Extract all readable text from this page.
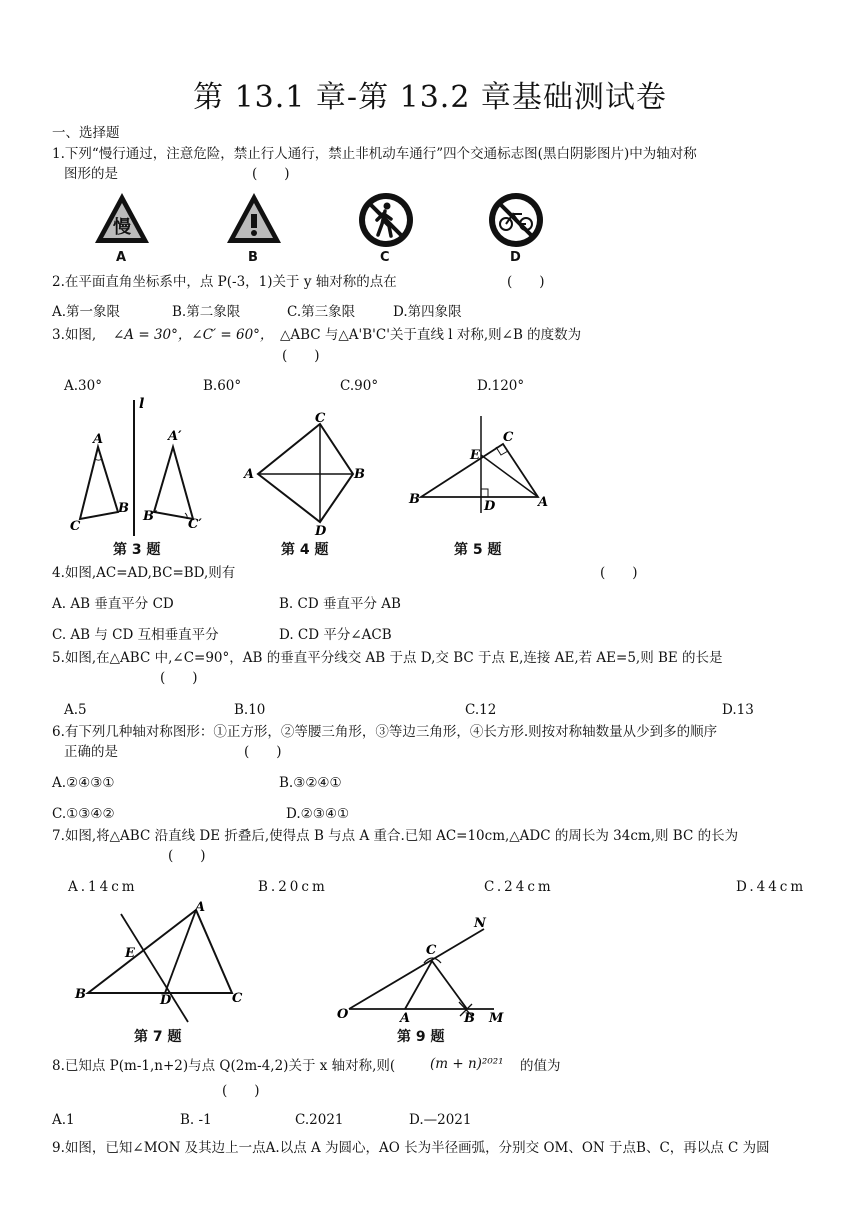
第 13.1 章-第 13.2 章基础测试卷
一、选择题
1.下列“慢行通过，注意危险，禁止行人通行，禁止非机动车通行”四个交通标志图(黑白阴影图片)中为轴对称
图形的是	(　　)
慢
A	B	C	D
2.在平面直角坐标系中，点 P(-3，1)关于 y 轴对称的点在	(　　)
A.第一象限	B.第二象限	C.第三象限	D.第四象限
3.如图, ∠A = 30°，∠C′ = 60°， △ABC 与△A'B'C'关于直线 l 对称,则∠B 的度数为
(　　)
A.30°	B.60°	C.90°	D.120°
l
A
B
C
A′
B′
C′
C
A	B
D
C
E
B	D	A
第 3 题	第 4 题	第 5 题
4.如图,AC=AD,BC=BD,则有	(　　)
A. AB 垂直平分 CD	B. CD 垂直平分 AB
C. AB 与 CD 互相垂直平分	D. CD 平分∠ACB
5.如图,在△ABC 中,∠C=90°，AB 的垂直平分线交 AB 于点 D,交 BC 于点 E,连接 AE,若 AE=5,则 BE 的长是
(　　)
A.5	B.10	C.12	D.13
6.有下列几种轴对称图形：①正方形，②等腰三角形，③等边三角形，④长方形.则按对称轴数量从少到多的顺序
正确的是	(　　)
A.②④③①	B.③②④①
C.①③④②	D.②③④①
7.如图,将△ABC 沿直线 DE 折叠后,使得点 B 与点 A 重合.已知 AC=10cm,△ADC 的周长为 34cm,则 BC 的长为
(　　)
A.14cm	B.20cm	C.24cm	D.44cm
A
E
B	D	C
N
C
O	A	B M
第 7 题	第 9 题
8.已知点 P(m-1,n+2)与点 Q(2m-4,2)关于 x 轴对称,则(	(m + n)²⁰²¹ 的值为
(　　)
A.1	B. -1	C.2021	D.—2021
9.如图，已知∠MON 及其边上一点A.以点 A 为圆心，AO 长为半径画弧，分别交 OM、ON 于点B、C，再以点 C 为圆
